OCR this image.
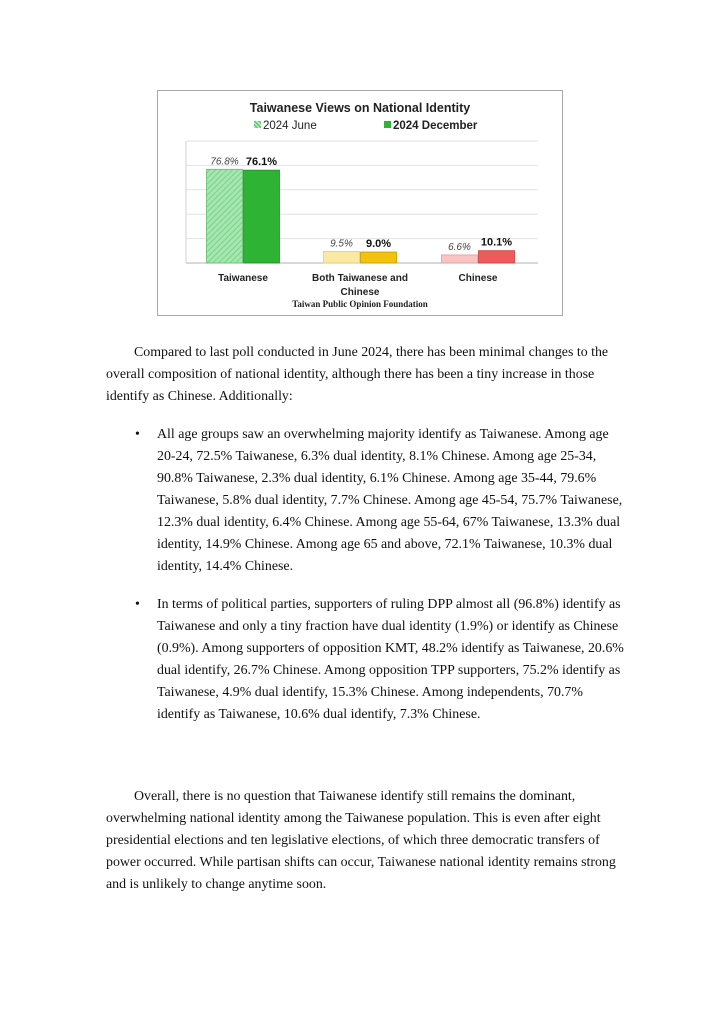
Taiwanese Views on National Identity
2024 June	2024 December
76.8% 76.1%
Taiwanese
9.5% 9.0%
Both Taiwanese and
Chinese
6.6% 10.1%
Chinese
Taiwan Public Opinion Foundation

Compared to last poll conducted in June 2024, there has been minimal changes to the overall composition of national identity, although there has been a tiny increase in those identify as Chinese. Additionally:

• All age groups saw an overwhelming majority identify as Taiwanese. Among age 20-24, 72.5% Taiwanese, 6.3% dual identity, 8.1% Chinese. Among age 25-34, 90.8% Taiwanese, 2.3% dual identity, 6.1% Chinese. Among age 35-44, 79.6% Taiwanese, 5.8% dual identity, 7.7% Chinese. Among age 45-54, 75.7% Taiwanese, 12.3% dual identity, 6.4% Chinese. Among age 55-64, 67% Taiwanese, 13.3% dual identity, 14.9% Chinese. Among age 65 and above, 72.1% Taiwanese, 10.3% dual identity, 14.4% Chinese.
• In terms of political parties, supporters of ruling DPP almost all (96.8%) identify as Taiwanese and only a tiny fraction have dual identity (1.9%) or identify as Chinese (0.9%). Among supporters of opposition KMT, 48.2% identify as Taiwanese, 20.6% dual identify, 26.7% Chinese. Among opposition TPP supporters, 75.2% identify as Taiwanese, 4.9% dual identify, 15.3% Chinese. Among independents, 70.7% identify as Taiwanese, 10.6% dual identify, 7.3% Chinese.

Overall, there is no question that Taiwanese identify still remains the dominant, overwhelming national identity among the Taiwanese population. This is even after eight presidential elections and ten legislative elections, of which three democratic transfers of power occurred. While partisan shifts can occur, Taiwanese national identity remains strong and is unlikely to change anytime soon.
